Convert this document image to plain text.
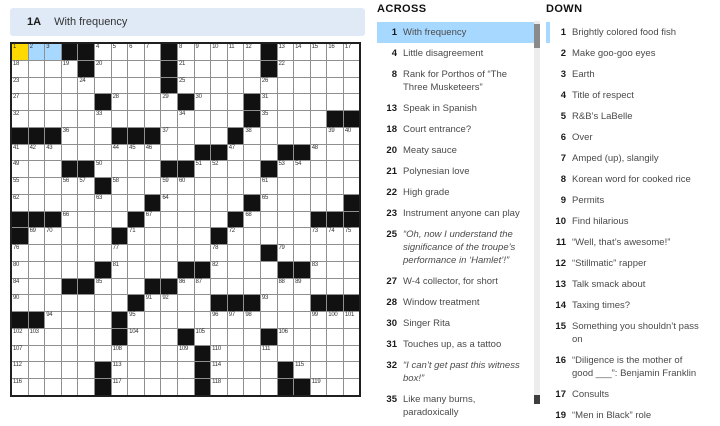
1A With frequency
1 2 3	4 5 6 7	8 9 10 11 12	13 14 15 16 17
18	19	20	21	22
23	24	25	26
27	28	29	30	31
32	33	34	35
36	37	38	39 40
41 42 43	44 45 46	47	48
49	50	51 52	53 54
55	56 57	58	59 60	61
62	63	64	65
66	67	68
69 70	71	72	73 74 75
76	77	78	79
80	81	82	83
84	85	86 87	88 89
90	91 92	93
94	95	96 97 98	99 100 101
102 103	104	105	106
107	108	109	110	111
112	113	114	115
116	117	118	119
ACROSS
1 With frequency
4 Little disagreement
8 Rank for Porthos of “The Three Musketeers”
13 Speak in Spanish
18 Court entrance?
20 Meaty sauce
21 Polynesian love
22 High grade
23 Instrument anyone can play
25 “Oh, now I understand the significance of the troupe’s performance in ‘Hamlet’!”
27 W-4 collector, for short
28 Window treatment
30 Singer Rita
31 Touches up, as a tattoo
32 “I can’t get past this witness box!”
35 Like many burns, paradoxically
DOWN
1 Brightly colored food fish
2 Make goo-goo eyes
3 Earth
4 Title of respect
5 R&B’s LaBelle
6 Over
7 Amped (up), slangily
8 Korean word for cooked rice
9 Permits
10 Find hilarious
11 “Well, that’s awesome!”
12 “Stillmatic” rapper
13 Talk smack about
14 Taxing times?
15 Something you shouldn’t pass on
16 “Diligence is the mother of good ___”: Benjamin Franklin
17 Consults
19 “Men in Black” role
